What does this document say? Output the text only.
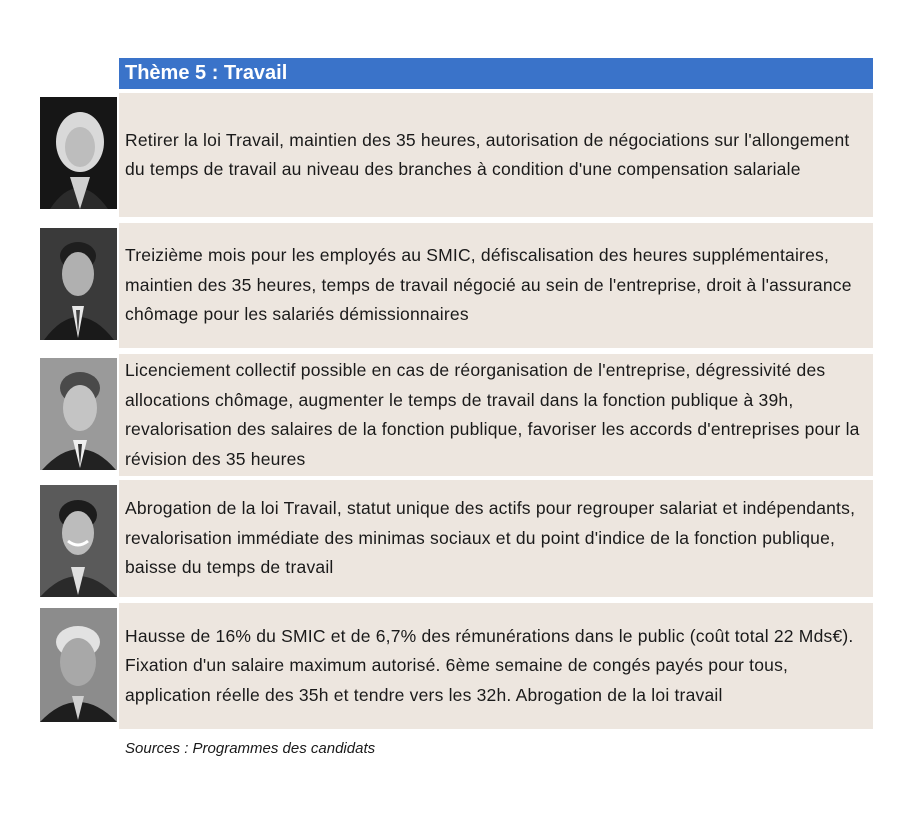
Thème 5 : Travail
Retirer la loi Travail, maintien des 35 heures, autorisation de négociations sur l'allongement du temps de travail au niveau des branches à condition d'une compensation salariale
Treizième mois pour les employés au SMIC, défiscalisation des heures supplémentaires, maintien des 35 heures, temps de travail négocié au sein de l'entreprise, droit à l'assurance chômage pour les salariés démissionnaires
Licenciement collectif possible en cas de réorganisation de l'entreprise, dégressivité des allocations chômage, augmenter le temps de travail dans la fonction publique à 39h, revalorisation des salaires de la fonction publique, favoriser les accords d'entreprises pour la révision des 35 heures
Abrogation de la loi Travail, statut unique des actifs pour regrouper salariat et indépendants, revalorisation immédiate des minimas sociaux et du point d'indice de la fonction publique, baisse du temps de travail
Hausse de 16% du SMIC et de 6,7% des rémunérations dans le public (coût total 22 Mds€). Fixation d'un salaire maximum autorisé. 6ème semaine de congés payés pour tous, application réelle des 35h et tendre vers les 32h. Abrogation de la loi travail
Sources : Programmes des candidats
